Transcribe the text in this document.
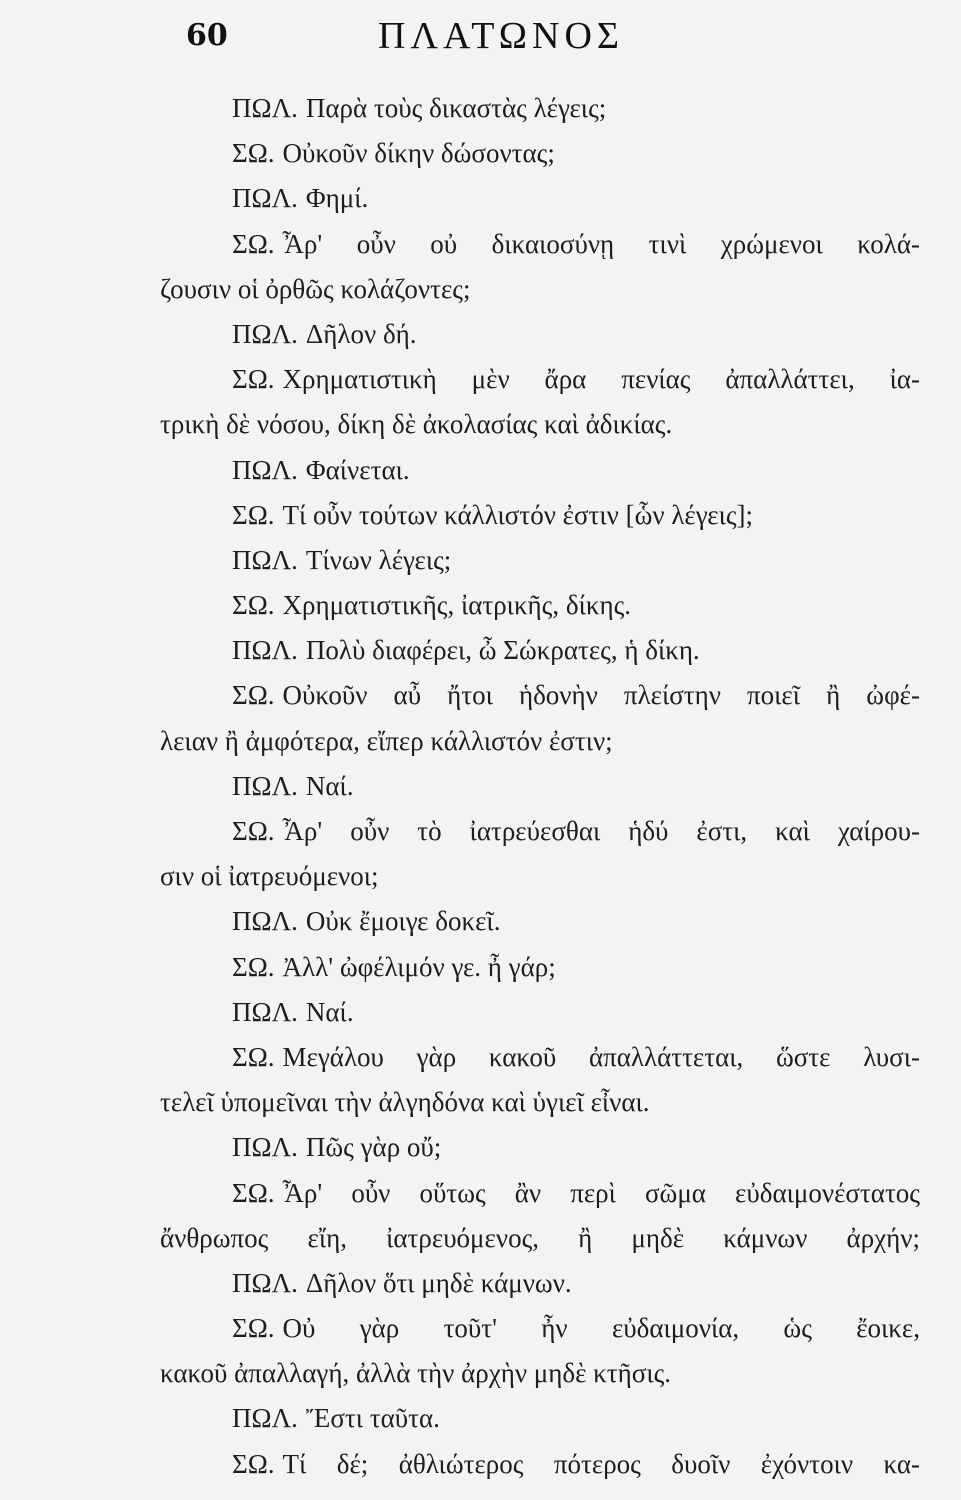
60	ΠΛΑΤΩΝΟΣ
ΠΩΛ. Παρὰ τοὺς δικαστὰς λέγεις;
ΣΩ. Οὐκοῦν δίκην δώσοντας;
ΠΩΛ. Φημί.
ΣΩ. Ἆρ' οὖν οὐ δικαιοσύνῃ τινὶ χρώμενοι κολά-
ζουσιν οἱ ὀρθῶς κολάζοντες;
ΠΩΛ. Δῆλον δή.
ΣΩ. Χρηματιστικὴ μὲν ἄρα πενίας ἀπαλλάττει, ἰα-
τρικὴ δὲ νόσου, δίκη δὲ ἀκολασίας καὶ ἀδικίας.
ΠΩΛ. Φαίνεται.
ΣΩ. Τί οὖν τούτων κάλλιστόν ἐστιν [ὧν λέγεις];
ΠΩΛ. Τίνων λέγεις;
ΣΩ. Χρηματιστικῆς, ἰατρικῆς, δίκης.
ΠΩΛ. Πολὺ διαφέρει, ὦ Σώκρατες, ἡ δίκη.
ΣΩ. Οὐκοῦν αὖ ἤτοι ἡδονὴν πλείστην ποιεῖ ἢ ὠφέ-
λειαν ἢ ἀμφότερα, εἴπερ κάλλιστόν ἐστιν;
ΠΩΛ. Ναί.
ΣΩ. Ἆρ' οὖν τὸ ἰατρεύεσθαι ἡδύ ἐστι, καὶ χαίρου-
σιν οἱ ἰατρευόμενοι;
ΠΩΛ. Οὐκ ἔμοιγε δοκεῖ.
ΣΩ. Ἀλλ' ὠφέλιμόν γε. ἦ γάρ;
ΠΩΛ. Ναί.
ΣΩ. Μεγάλου γὰρ κακοῦ ἀπαλλάττεται, ὥστε λυσι-
τελεῖ ὑπομεῖναι τὴν ἀλγηδόνα καὶ ὑγιεῖ εἶναι.
ΠΩΛ. Πῶς γὰρ οὔ;
ΣΩ. Ἆρ' οὖν οὕτως ἂν περὶ σῶμα εὐδαιμονέστατος
ἄνθρωπος εἴη, ἰατρευόμενος, ἢ μηδὲ κάμνων ἀρχήν;
ΠΩΛ. Δῆλον ὅτι μηδὲ κάμνων.
ΣΩ. Οὐ γὰρ τοῦτ' ἦν εὐδαιμονία, ὡς ἔοικε,
κακοῦ ἀπαλλαγή, ἀλλὰ τὴν ἀρχὴν μηδὲ κτῆσις.
ΠΩΛ. Ἔστι ταῦτα.
ΣΩ. Τί δέ; ἀθλιώτερος πότερος δυοῖν ἐχόντοιν κα-
